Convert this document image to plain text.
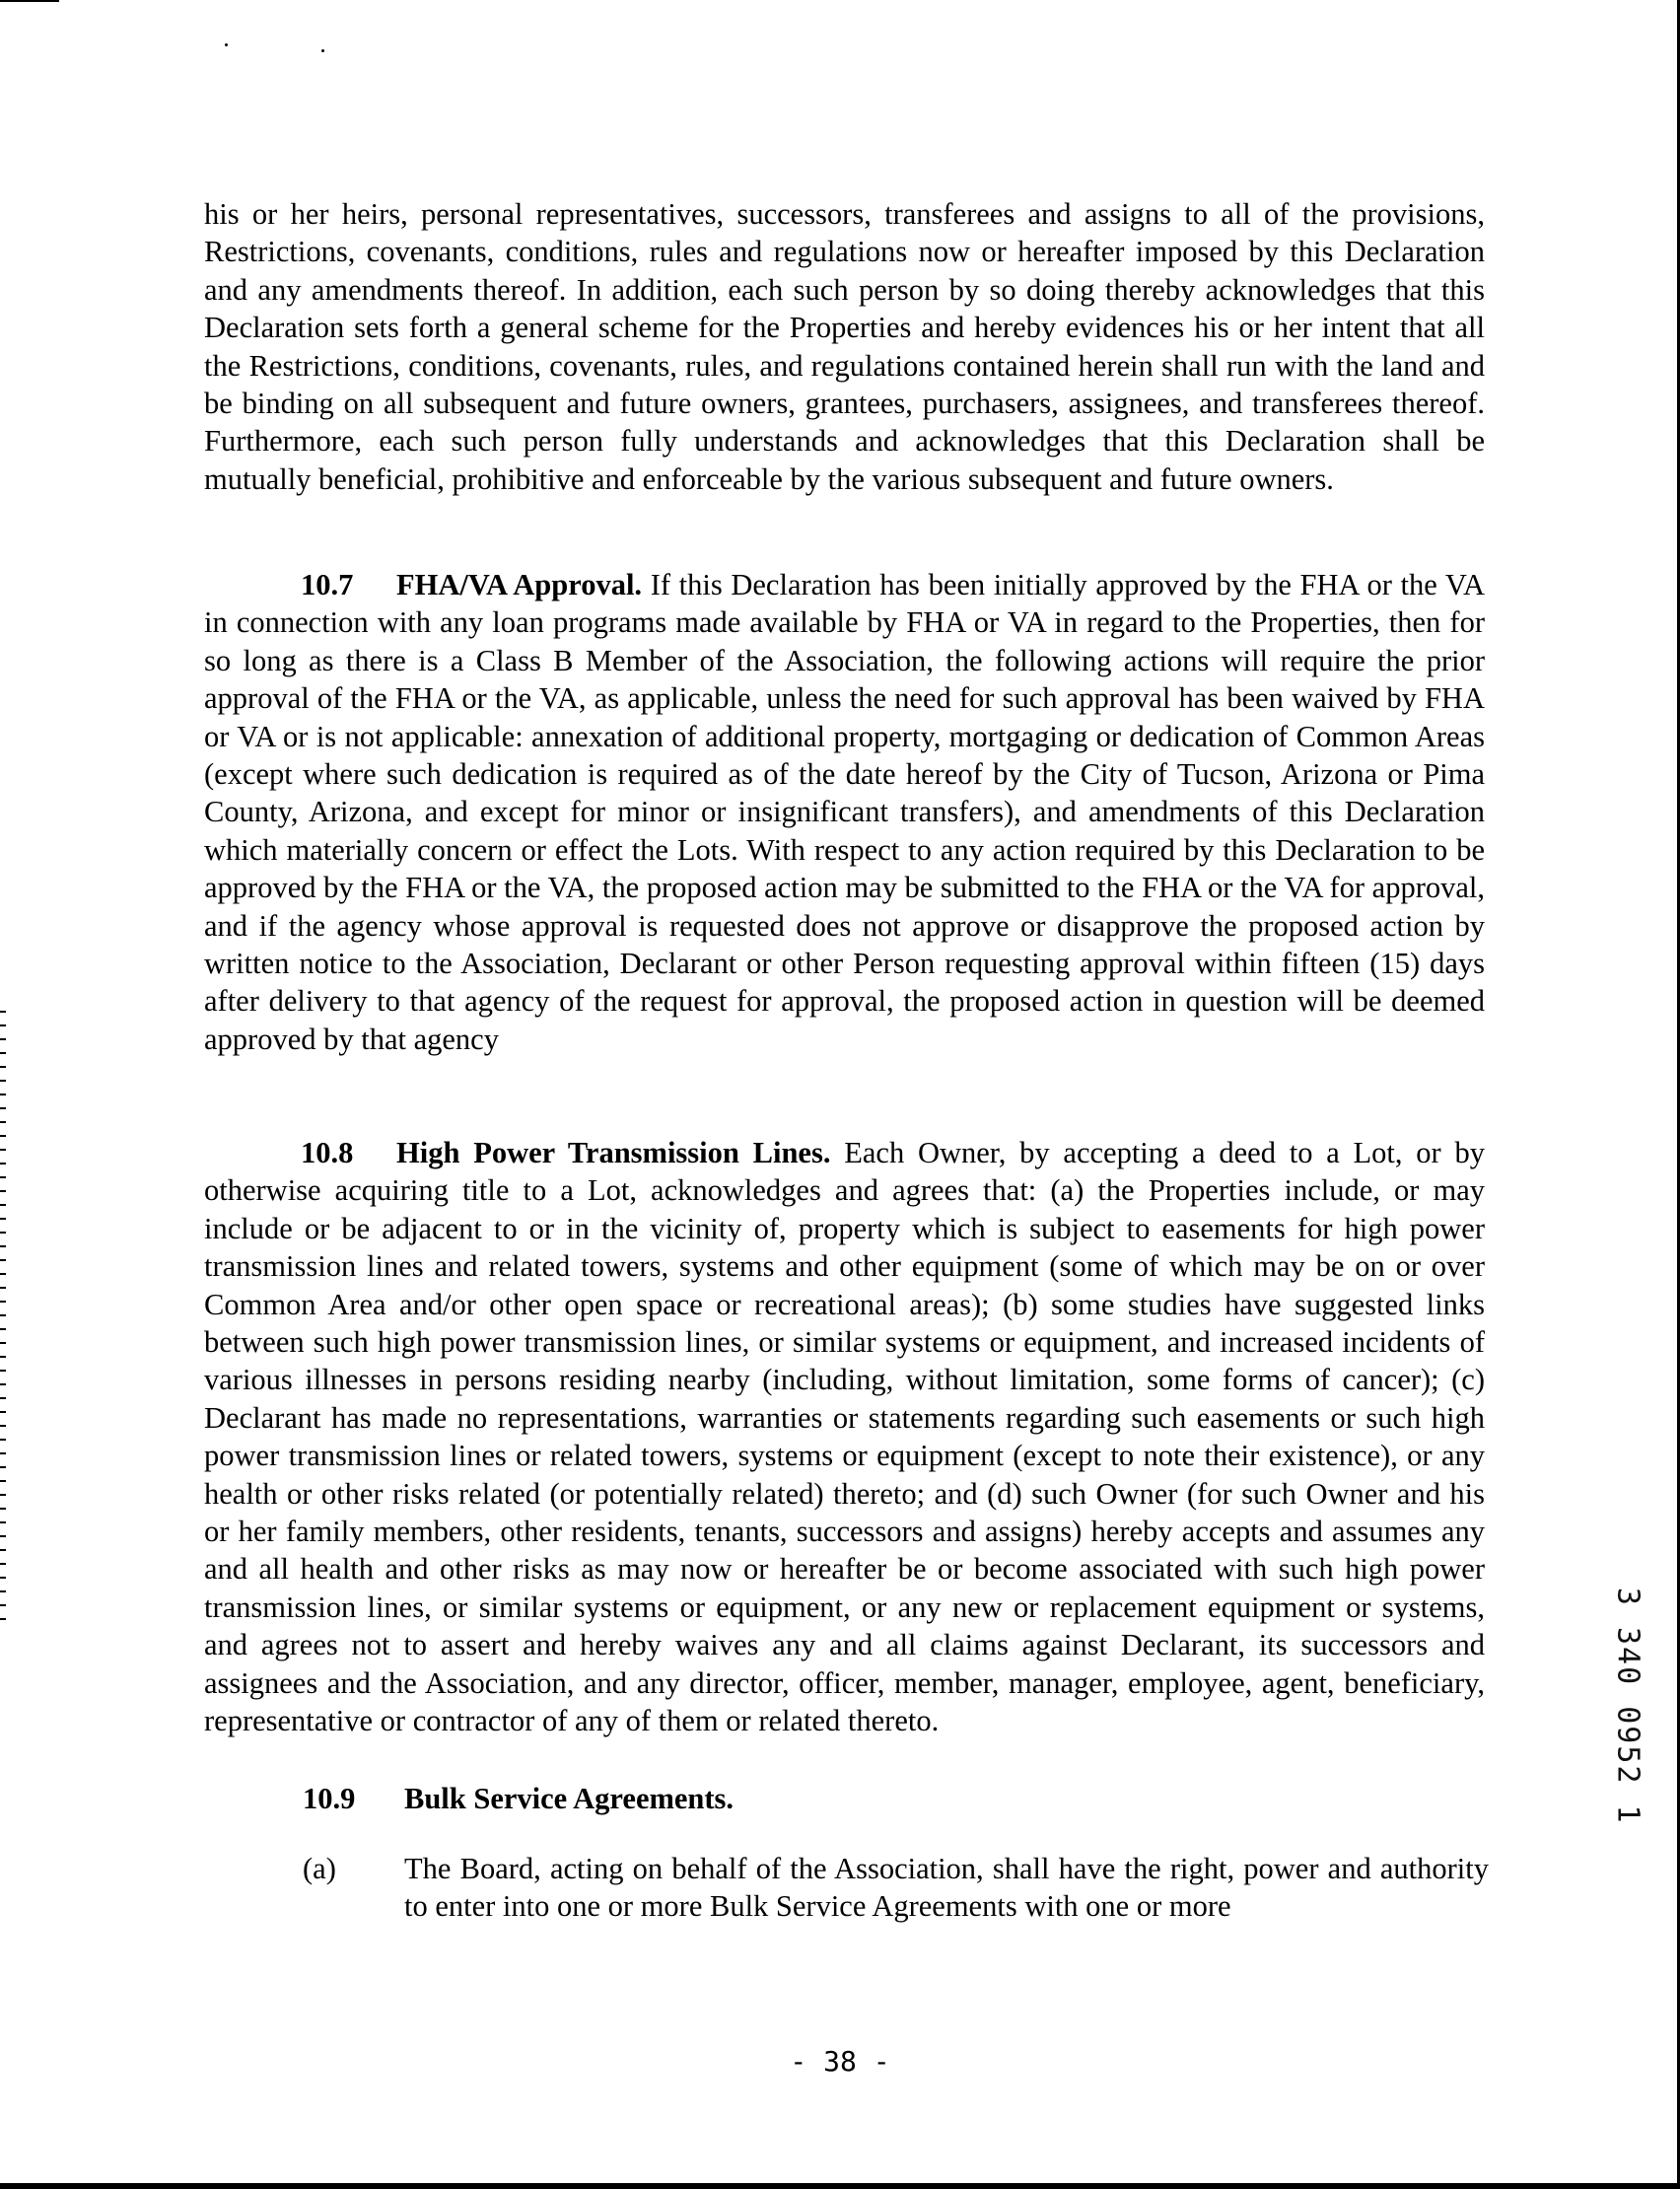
his or her heirs, personal representatives, successors, transferees and assigns to all of the provisions, Restrictions, covenants, conditions, rules and regulations now or hereafter imposed by this Declaration and any amendments thereof. In addition, each such person by so doing thereby acknowledges that this Declaration sets forth a general scheme for the Properties and hereby evidences his or her intent that all the Restrictions, conditions, covenants, rules, and regulations contained herein shall run with the land and be binding on all subsequent and future owners, grantees, purchasers, assignees, and transferees thereof. Furthermore, each such person fully understands and acknowledges that this Declaration shall be mutually beneficial, prohibitive and enforceable by the various subsequent and future owners.

10.7 FHA/VA Approval. If this Declaration has been initially approved by the FHA or the VA in connection with any loan programs made available by FHA or VA in regard to the Properties, then for so long as there is a Class B Member of the Association, the following actions will require the prior approval of the FHA or the VA, as applicable, unless the need for such approval has been waived by FHA or VA or is not applicable: annexation of additional property, mortgaging or dedication of Common Areas (except where such dedication is required as of the date hereof by the City of Tucson, Arizona or Pima County, Arizona, and except for minor or insignificant transfers), and amendments of this Declaration which materially concern or effect the Lots. With respect to any action required by this Declaration to be approved by the FHA or the VA, the proposed action may be submitted to the FHA or the VA for approval, and if the agency whose approval is requested does not approve or disapprove the proposed action by written notice to the Association, Declarant or other Person requesting approval within fifteen (15) days after delivery to that agency of the request for approval, the proposed action in question will be deemed approved by that agency

10.8 High Power Transmission Lines. Each Owner, by accepting a deed to a Lot, or by otherwise acquiring title to a Lot, acknowledges and agrees that: (a) the Properties include, or may include or be adjacent to or in the vicinity of, property which is subject to easements for high power transmission lines and related towers, systems and other equipment (some of which may be on or over Common Area and/or other open space or recreational areas); (b) some studies have suggested links between such high power transmission lines, or similar systems or equipment, and increased incidents of various illnesses in persons residing nearby (including, without limitation, some forms of cancer); (c) Declarant has made no representations, warranties or statements regarding such easements or such high power transmission lines or related towers, systems or equipment (except to note their existence), or any health or other risks related (or potentially related) thereto; and (d) such Owner (for such Owner and his or her family members, other residents, tenants, successors and assigns) hereby accepts and assumes any and all health and other risks as may now or hereafter be or become associated with such high power transmission lines, or similar systems or equipment, or any new or replacement equipment or systems, and agrees not to assert and hereby waives any and all claims against Declarant, its successors and assignees and the Association, and any director, officer, member, manager, employee, agent, beneficiary, representative or contractor of any of them or related thereto.

10.9 Bulk Service Agreements.
(a) The Board, acting on behalf of the Association, shall have the right, power and authority to enter into one or more Bulk Service Agreements with one or more
- 38 -
3 340 0952 1
